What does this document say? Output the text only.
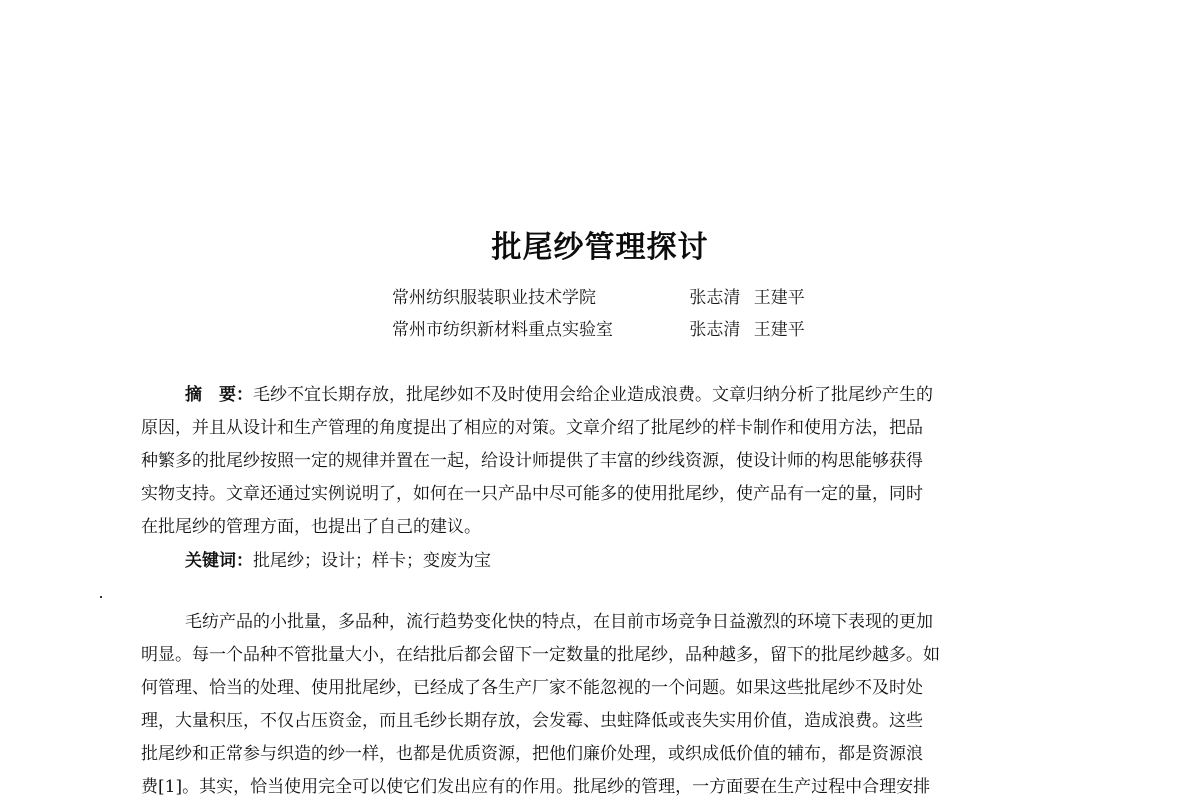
批尾纱管理探讨
常州纺织服装职业技术学院	张志清 王建平
常州市纺织新材料重点实验室	张志清 王建平
摘　要：毛纱不宜长期存放，批尾纱如不及时使用会给企业造成浪费。文章归纳分析了批尾纱产生的
原因，并且从设计和生产管理的角度提出了相应的对策。文章介绍了批尾纱的样卡制作和使用方法，把品
种繁多的批尾纱按照一定的规律并置在一起，给设计师提供了丰富的纱线资源，使设计师的构思能够获得
实物支持。文章还通过实例说明了，如何在一只产品中尽可能多的使用批尾纱，使产品有一定的量，同时
在批尾纱的管理方面，也提出了自己的建议。
关键词：批尾纱；设计；样卡；变废为宝
毛纺产品的小批量，多品种，流行趋势变化快的特点，在目前市场竞争日益激烈的环境下表现的更加
明显。每一个品种不管批量大小，在结批后都会留下一定数量的批尾纱，品种越多，留下的批尾纱越多。如
何管理、恰当的处理、使用批尾纱，已经成了各生产厂家不能忽视的一个问题。如果这些批尾纱不及时处
理，大量积压，不仅占压资金，而且毛纱长期存放，会发霉、虫蛀降低或丧失实用价值，造成浪费。这些
批尾纱和正常参与织造的纱一样，也都是优质资源，把他们廉价处理，或织成低价值的辅布，都是资源浪
费[1]。其实，恰当使用完全可以使它们发出应有的作用。批尾纱的管理，一方面要在生产过程中合理安排
